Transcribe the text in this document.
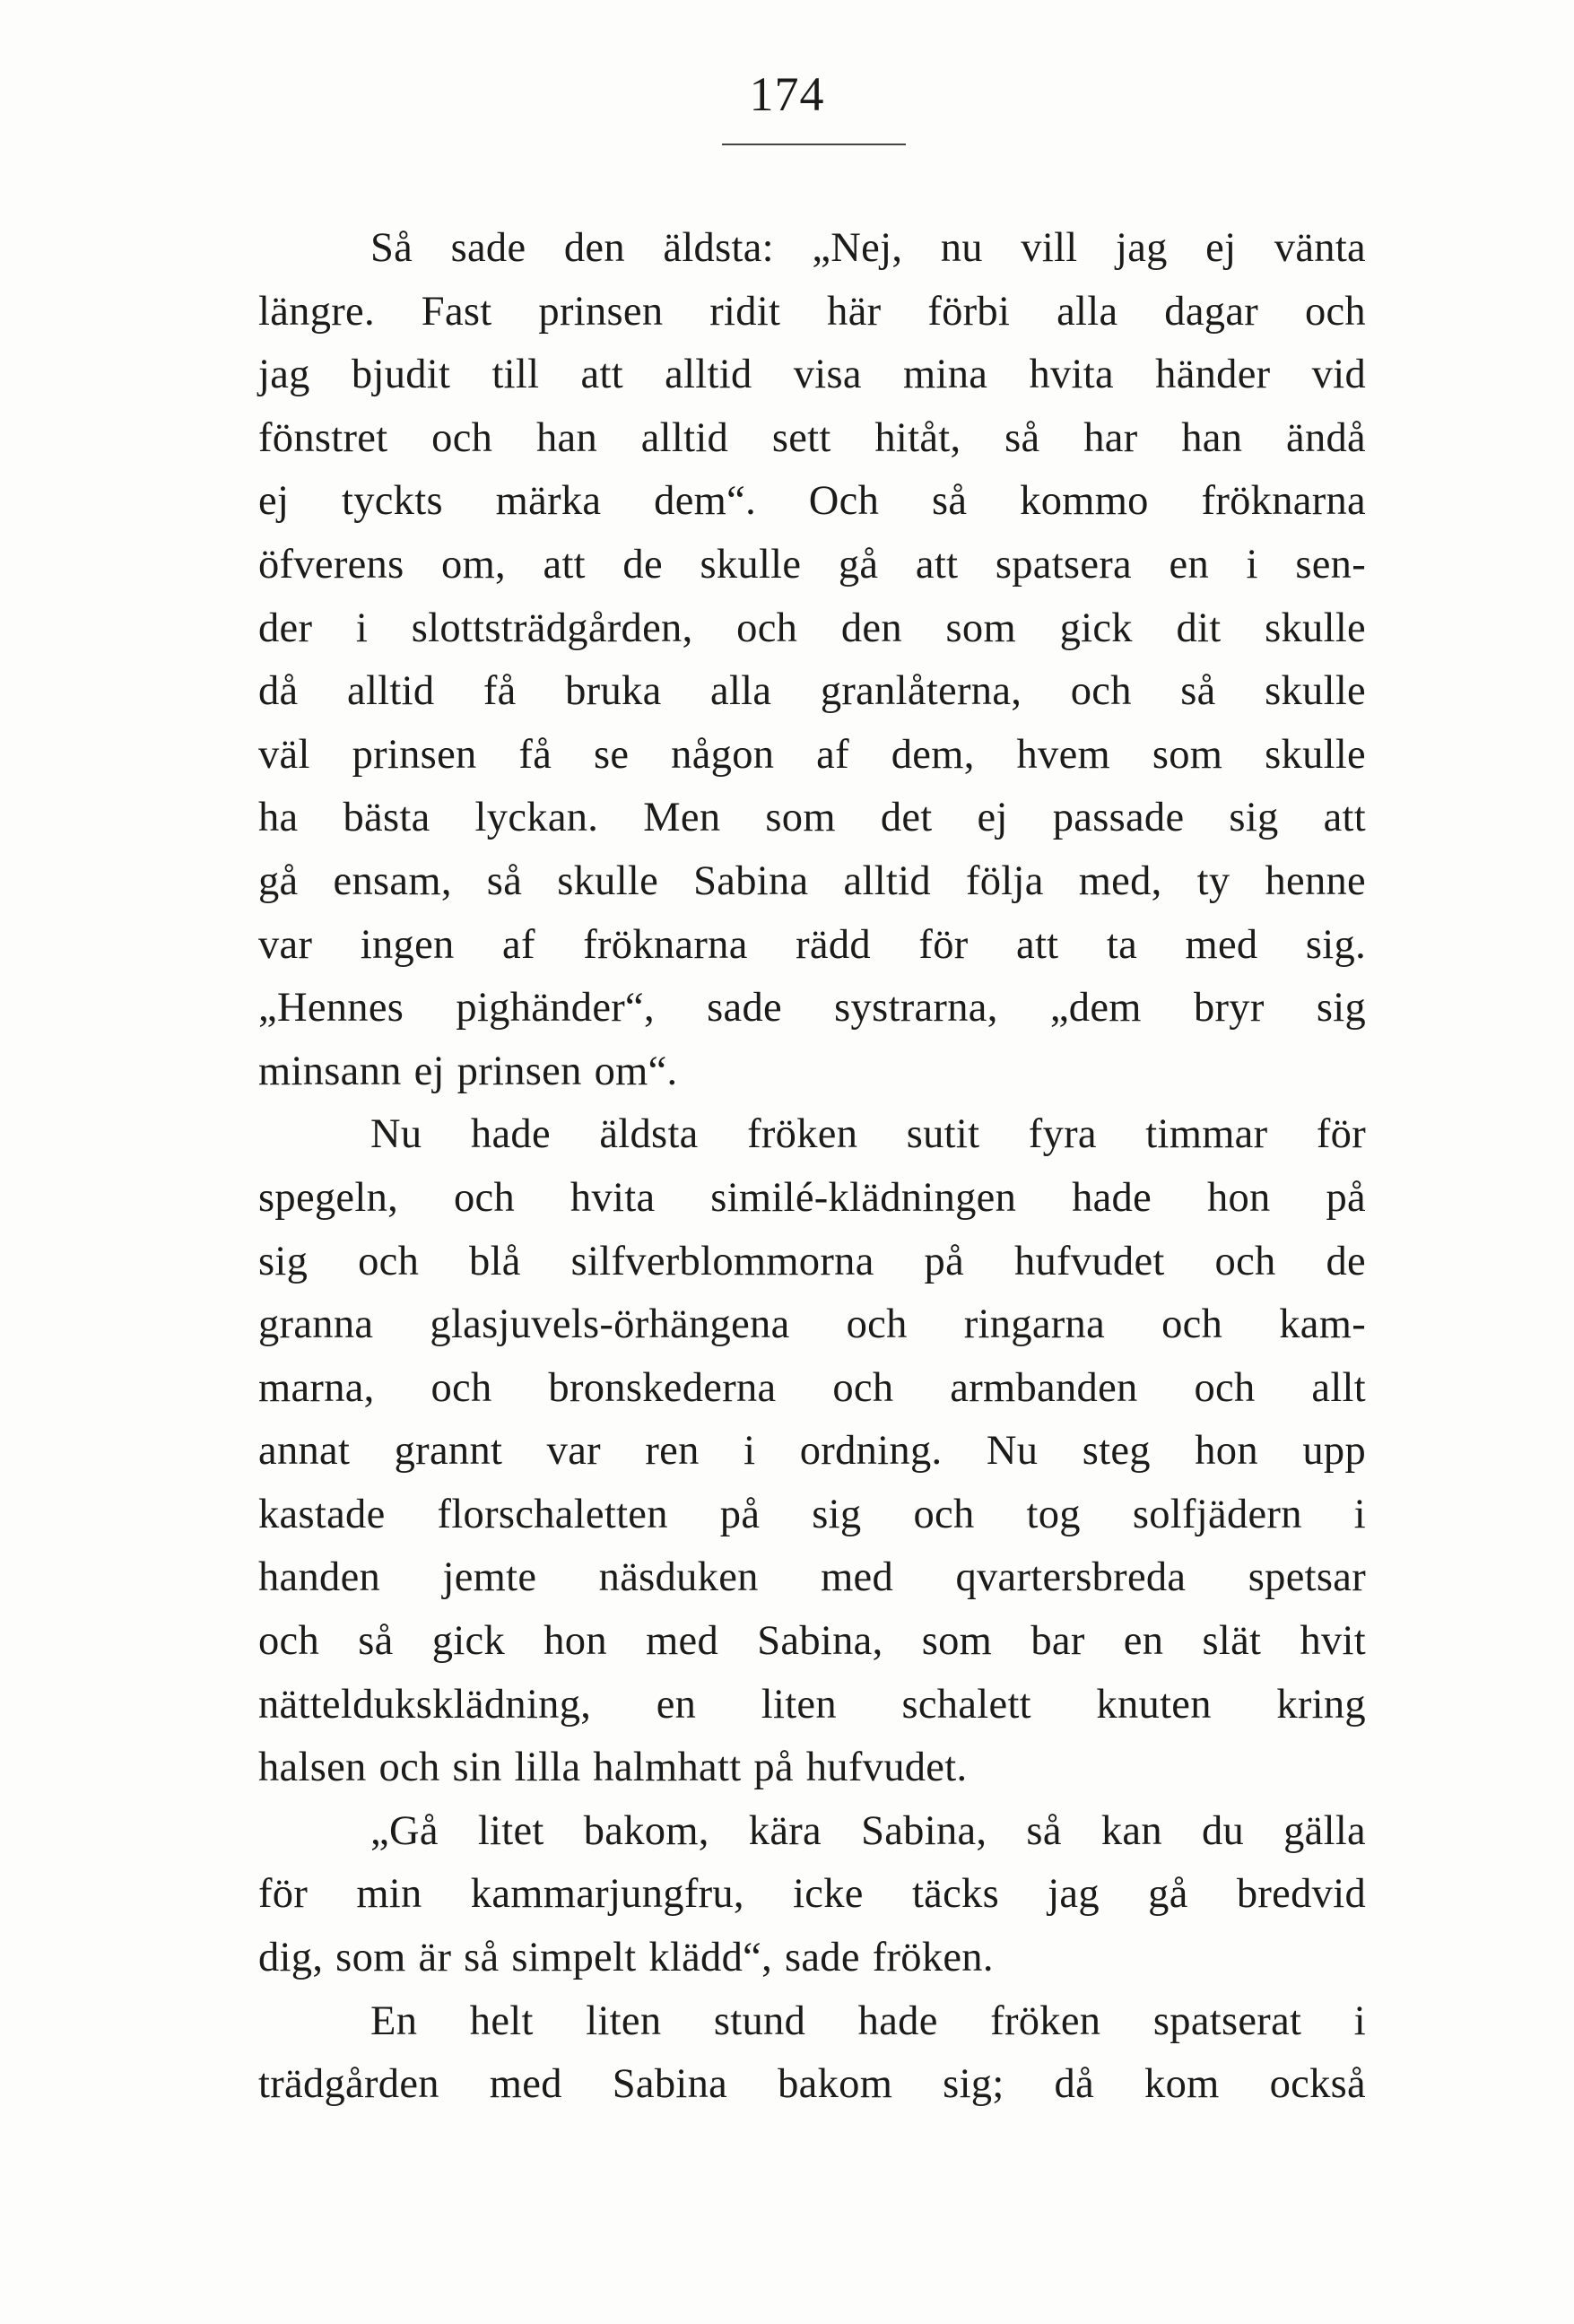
174
Så sade den äldsta: „Nej, nu vill jag ej vänta
längre. Fast prinsen ridit här förbi alla dagar och
jag bjudit till att alltid visa mina hvita händer vid
fönstret och han alltid sett hitåt, så har han ändå
ej tyckts märka dem“. Och så kommo fröknarna
öfverens om, att de skulle gå att spatsera en i sen-
der i slottsträdgården, och den som gick dit skulle
då alltid få bruka alla granlåterna, och så skulle
väl prinsen få se någon af dem, hvem som skulle
ha bästa lyckan. Men som det ej passade sig att
gå ensam, så skulle Sabina alltid följa med, ty henne
var ingen af fröknarna rädd för att ta med sig.
„Hennes pighänder“, sade systrarna, „dem bryr sig
minsann ej prinsen om“.
Nu hade äldsta fröken sutit fyra timmar för
spegeln, och hvita similé-klädningen hade hon på
sig och blå silfverblommorna på hufvudet och de
granna glasjuvels-örhängena och ringarna och kam-
marna, och bronskederna och armbanden och allt
annat grannt var ren i ordning. Nu steg hon upp
kastade florschaletten på sig och tog solfjädern i
handen jemte näsduken med qvartersbreda spetsar
och så gick hon med Sabina, som bar en slät hvit
nättelduksklädning, en liten schalett knuten kring
halsen och sin lilla halmhatt på hufvudet.
„Gå litet bakom, kära Sabina, så kan du gälla
för min kammarjungfru, icke täcks jag gå bredvid
dig, som är så simpelt klädd“, sade fröken.
En helt liten stund hade fröken spatserat i
trädgården med Sabina bakom sig; då kom också
